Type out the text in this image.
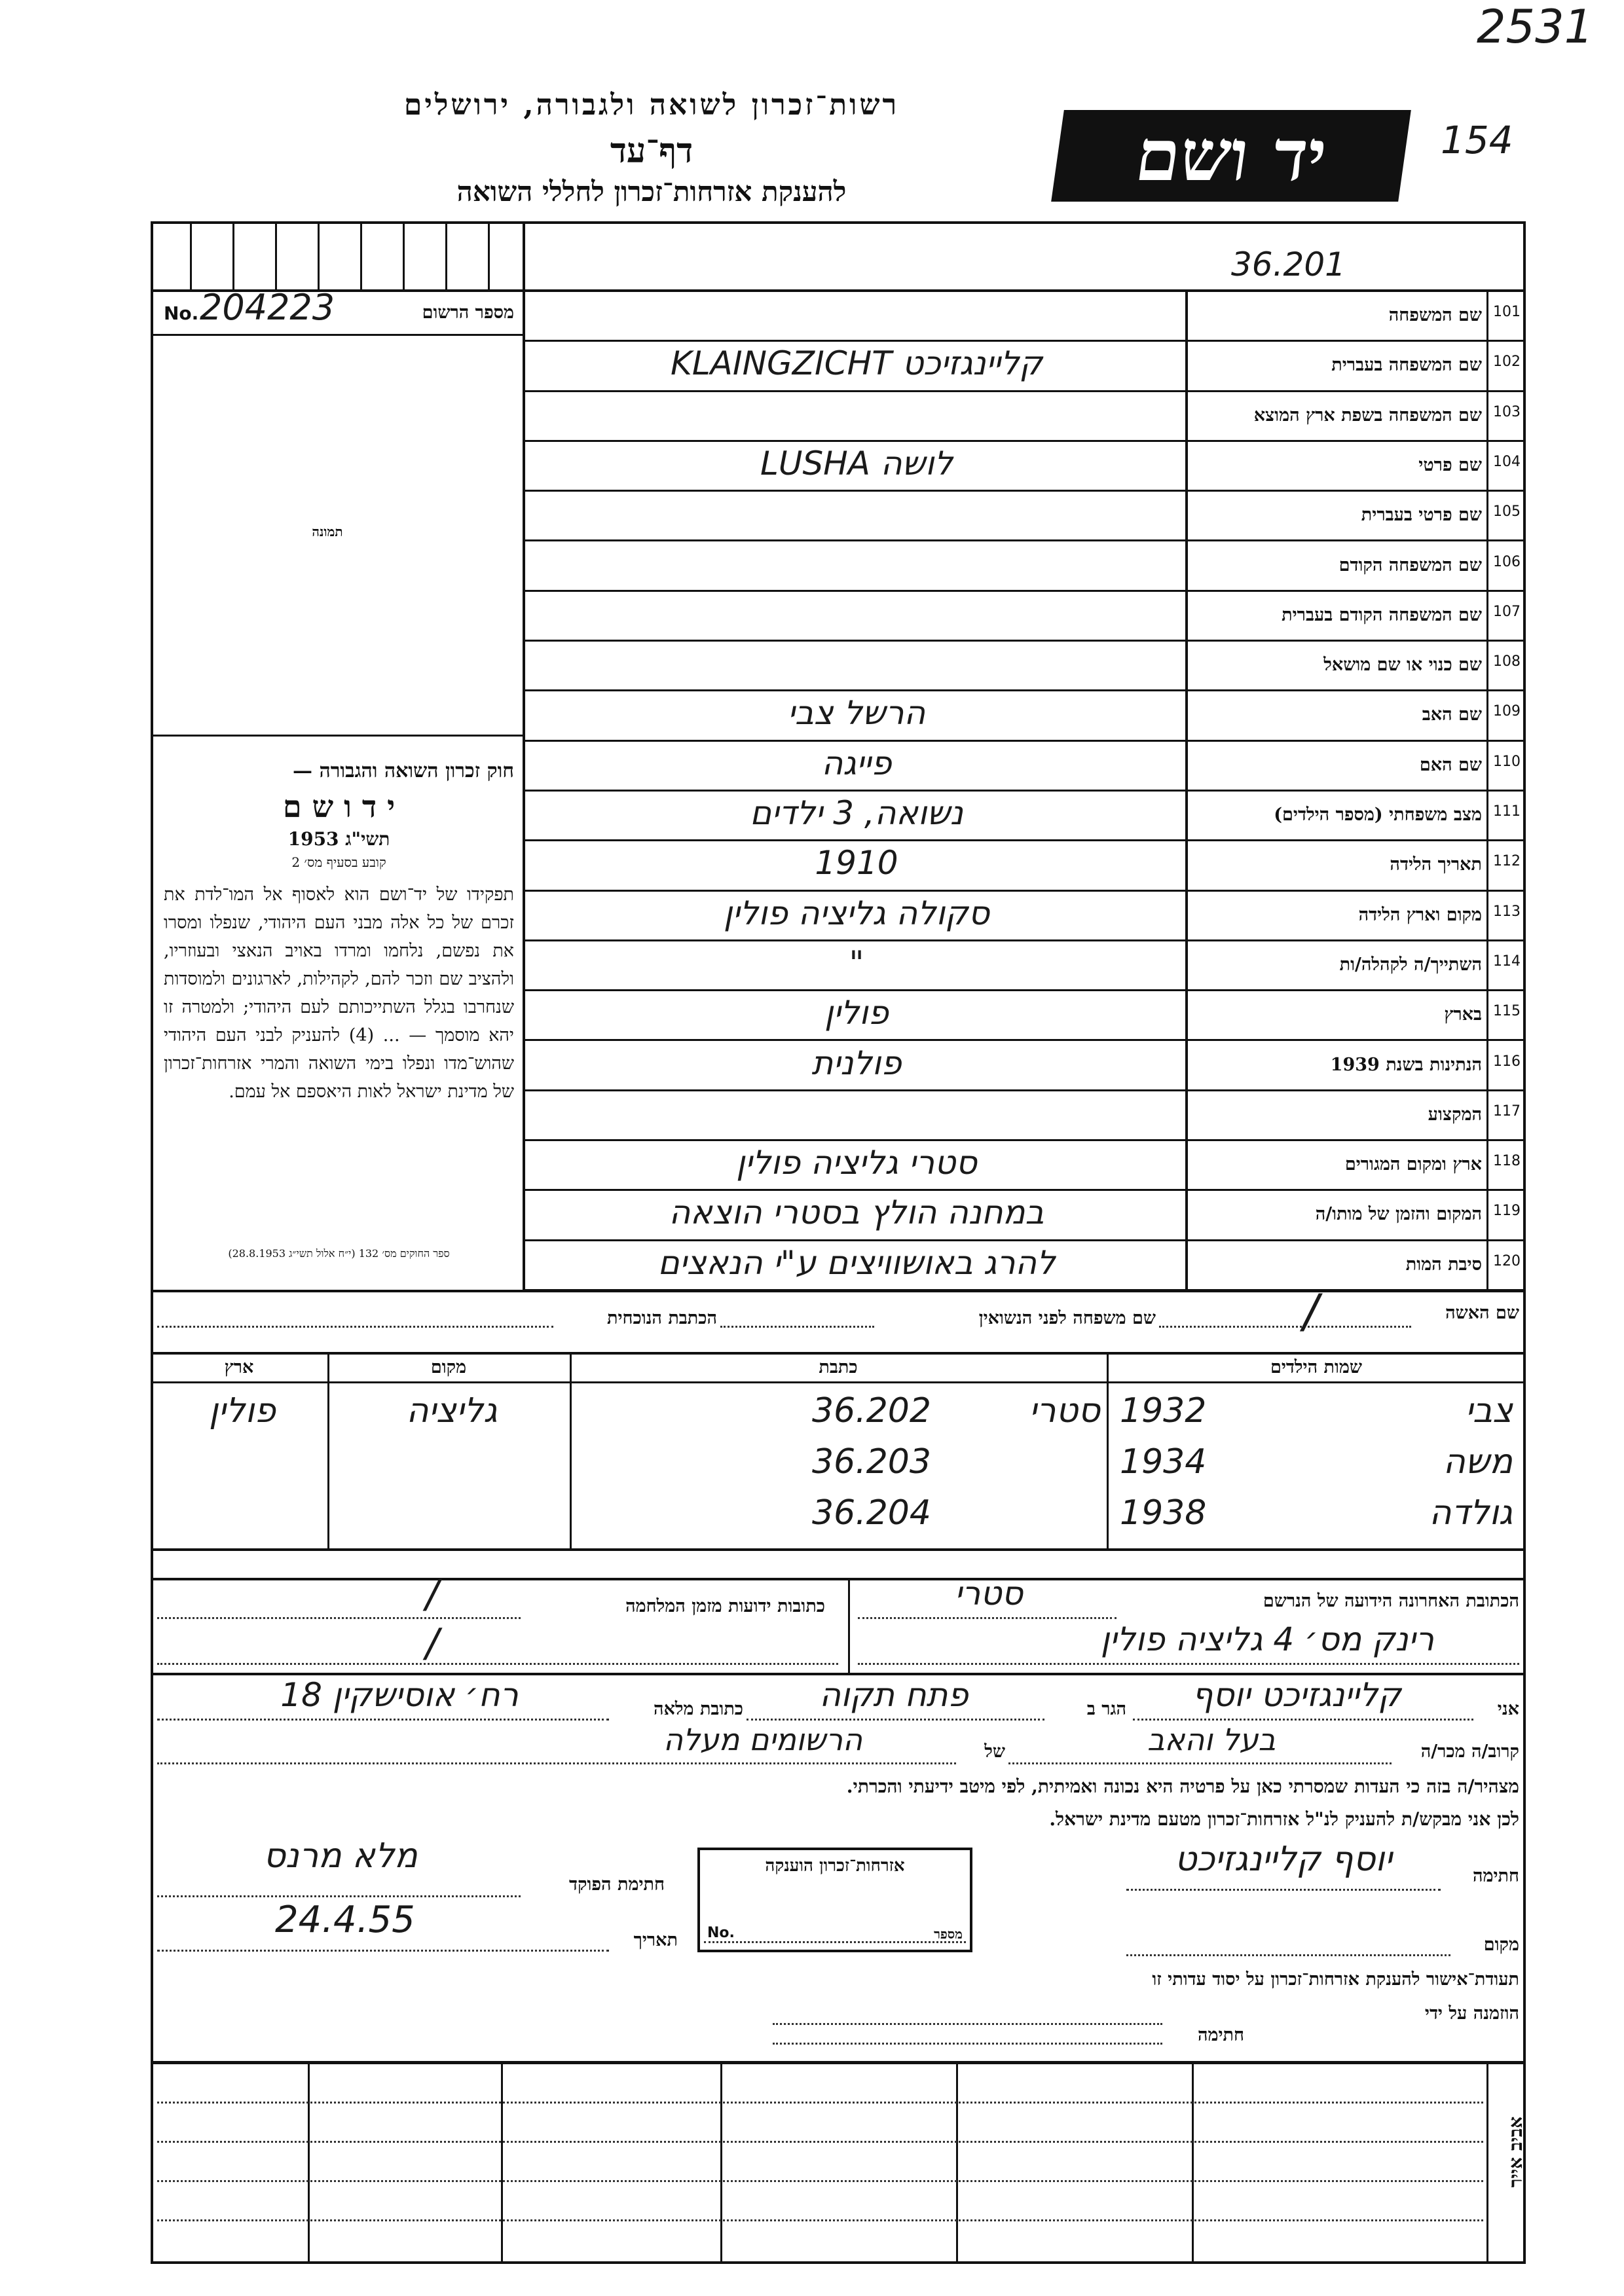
2531
154
יד ושם
רשות־זכרון לשואה ולגבורה, ירושלים
דף־עד
להענקת אזרחות־זכרון לחללי השואה
36.201
No. 204223	מספר הרשום
תמונה
101
שם המשפחה
102
שם המשפחה בעברית
קליינגזיכט KLAINGZICHT
103
שם המשפחה בשפת ארץ המוצא
104
שם פרטי
לושה LUSHA
105
שם פרטי בעברית
106
שם המשפחה הקודם
107
שם המשפחה הקודם בעברית
108
שם כנוי או שם מושאל
109
שם האב
הרשל צבי
110
שם האם
פייגה
111
מצב משפחתי (מספר הילדים)
נשואה, 3 ילדים
112
תאריך הלידה
1910
113
מקום וארץ הלידה
סקולה גליציה פולין
114
השתייך/ה לקהלה/ות
"
115
בארץ
פולין
116
הנתינות בשנת 1939
פולנית
117
המקצוע
118
ארץ ומקום המגורים
סטרי גליציה פולין
119
המקום והזמן של מותו/ה
במחנה הולץ בסטרי הוצאה
120
סיבת המות
להרג באושוויצים ע"י הנאצים
חוק זכרון השואה והגבורה —
י ד ו ש ם
תשי"ג 1953
קובע בסעיף מס׳ 2
תפקידו של יד־ושם הוא לאסוף אל המו־לדת את זכרם של כל אלה מבני העם היהודי, שנפלו ומסרו את נפשם, נלחמו ומרדו באויב הנאצי ובעוזריו, ולהציב שם וזכר להם, לקהילות, לארגונים ולמוסדות שנחרבו בגלל השתייכותם לעם היהודי; ולמטרה זו יהא מוסמך — ... (4) להעניק לבני העם היהודי שהוש־מדו ונפלו בימי השואה והמרי אזרחות־זכרון של מדינת ישראל לאות היאספם אל עמם.
ספר החוקים מס׳ 132 (י״ח אלול תשי״ג 28.8.1953)
שם האשה
/
שם משפחה לפני הנשואין
הכתבת הנוכחית
שמות הילדים
כתבת
מקום
ארץ
צבי
1932
סטרי
36.202
גליציה
פולין
משה
1934
36.203
גולדה
1938
36.204
הכתובת האחרונה הידועה של הנרשם
סטרי
רינק מס׳ 4 גליציה פולין
כתובות ידועות מזמן המלחמה
/
/
אני
קליינגזיכט יוסף
הגר ב
פתח תקוה
כתובת מלאה
רח׳ אוסישקין 18
קרוב/ה מכר/ה
בעל והאב
של
הרשומים מעלה
מצהיר/ה בזה כי העדות שמסרתי כאן על פרטיה היא נכונה ואמיתית, לפי מיטב ידיעתי והכרתי.
לכן אני מבקש/ת להעניק לנ"ל אזרחות־זכרון מטעם מדינת ישראל.
חתימה
יוסף קליינגזיכט
מקום
אזרחות־זכרון הוענקה
No.	מספר
חתימת הפוקד
מלא מרנס
תאריך
24.4.55
תעודת־אישור להענקת אזרחות־זכרון על יסוד עדותי זו
הוזמנה על ידי
חתימה
אביב אייר
